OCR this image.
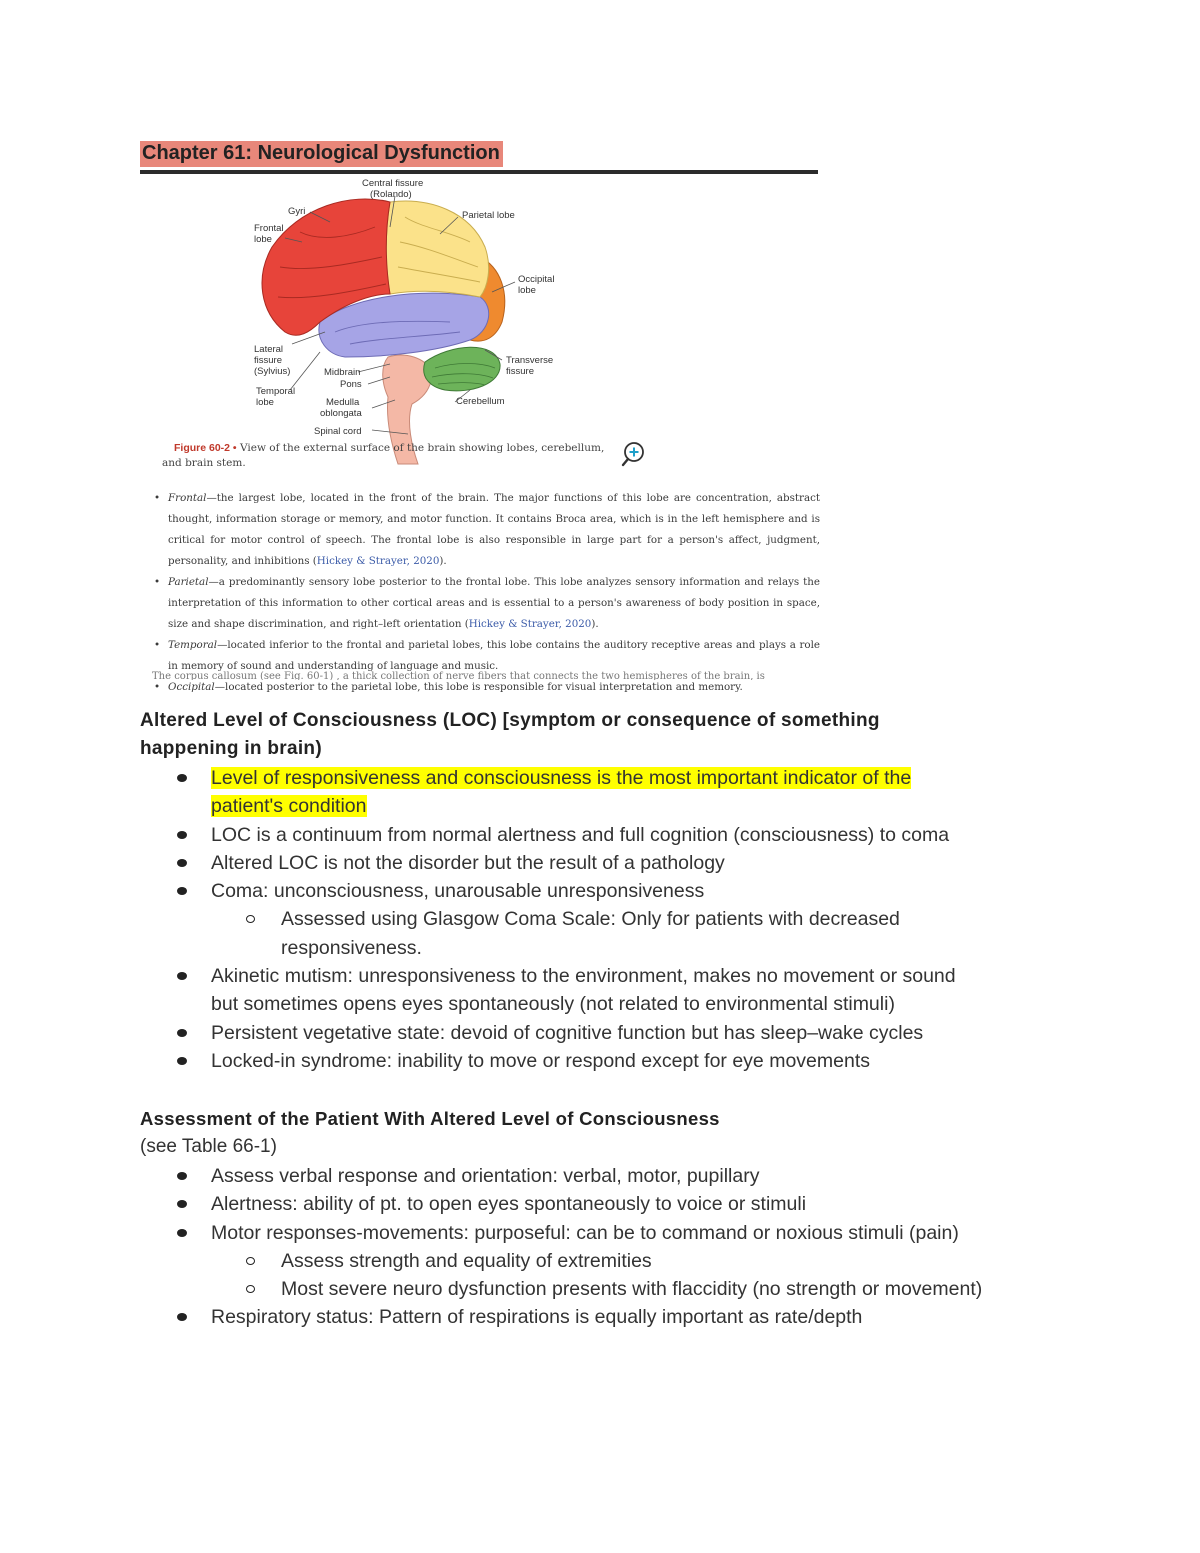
Chapter 61: Neurological Dysfunction
Central fissure
(Rolando)
Gyri
Frontal
lobe
Parietal lobe
Occipital
lobe
Lateral
fissure
(Sylvius)
Temporal
lobe
Midbrain
Pons
Medulla
oblongata
Spinal cord
Transverse
fissure
Cerebellum
Figure 60-2 • View of the external surface of the brain showing lobes, cerebellum,
and brain stem.
• Frontal—the largest lobe, located in the front of the brain. The major functions of this lobe are concentration, abstract thought, information storage or memory, and motor function. It contains Broca area, which is in the left hemisphere and is critical for motor control of speech. The frontal lobe is also responsible in large part for a person's affect, judgment, personality, and inhibitions (Hickey & Strayer, 2020).
• Parietal—a predominantly sensory lobe posterior to the frontal lobe. This lobe analyzes sensory information and relays the interpretation of this information to other cortical areas and is essential to a person's awareness of body position in space, size and shape discrimination, and right–left orientation (Hickey & Strayer, 2020).
• Temporal—located inferior to the frontal and parietal lobes, this lobe contains the auditory receptive areas and plays a role in memory of sound and understanding of language and music.
• Occipital—located posterior to the parietal lobe, this lobe is responsible for visual interpretation and memory.
The corpus callosum (see Fig. 60-1) , a thick collection of nerve fibers that connects the two hemispheres of the brain, is
Altered Level of Consciousness (LOC) [symptom or consequence of something
happening in brain)
Level of responsiveness and consciousness is the most important indicator of the
patient's condition
LOC is a continuum from normal alertness and full cognition (consciousness) to coma
Altered LOC is not the disorder but the result of a pathology
Coma: unconsciousness, unarousable unresponsiveness
Assessed using Glasgow Coma Scale: Only for patients with decreased
responsiveness.
Akinetic mutism: unresponsiveness to the environment, makes no movement or sound
but sometimes opens eyes spontaneously (not related to environmental stimuli)
Persistent vegetative state: devoid of cognitive function but has sleep–wake cycles
Locked-in syndrome: inability to move or respond except for eye movements
Assessment of the Patient With Altered Level of Consciousness
(see Table 66-1)
Assess verbal response and orientation: verbal, motor, pupillary
Alertness: ability of pt. to open eyes spontaneously to voice or stimuli
Motor responses-movements: purposeful: can be to command or noxious stimuli (pain)
Assess strength and equality of extremities
Most severe neuro dysfunction presents with flaccidity (no strength or movement)
Respiratory status: Pattern of respirations is equally important as rate/depth
